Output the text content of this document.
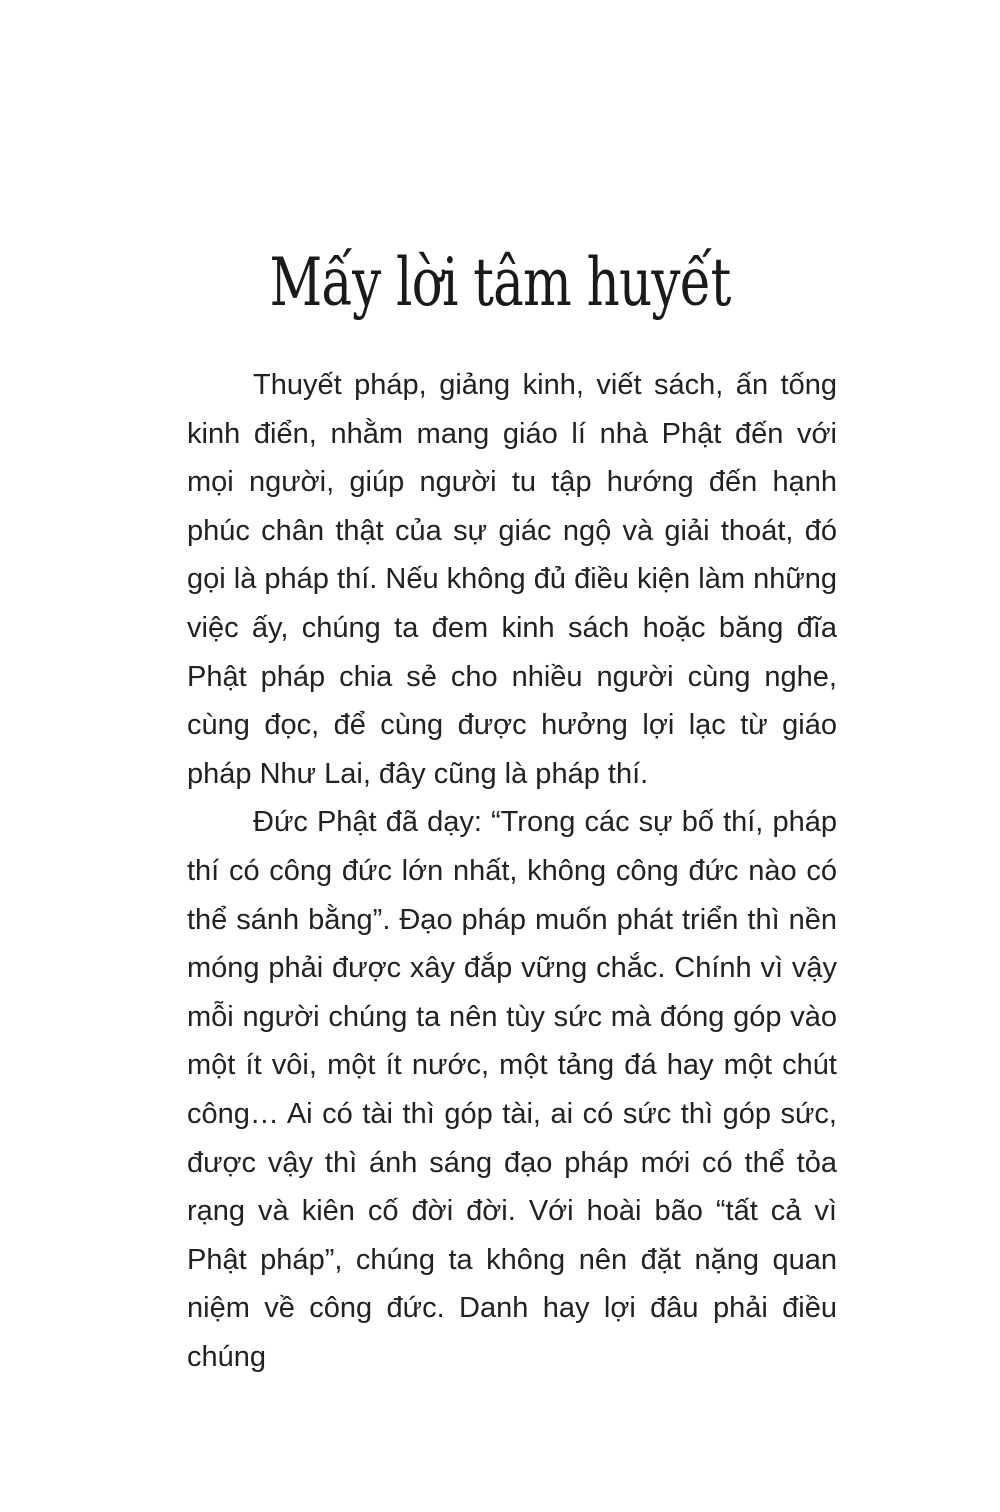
Mấy lời tâm huyết

Thuyết pháp, giảng kinh, viết sách, ấn tống kinh điển, nhằm mang giáo lí nhà Phật đến với mọi người, giúp người tu tập hướng đến hạnh phúc chân thật của sự giác ngộ và giải thoát, đó gọi là pháp thí. Nếu không đủ điều kiện làm những việc ấy, chúng ta đem kinh sách hoặc băng đĩa Phật pháp chia sẻ cho nhiều người cùng nghe, cùng đọc, để cùng được hưởng lợi lạc từ giáo pháp Như Lai, đây cũng là pháp thí.

Đức Phật đã dạy: “Trong các sự bố thí, pháp thí có công đức lớn nhất, không công đức nào có thể sánh bằng”. Đạo pháp muốn phát triển thì nền móng phải được xây đắp vững chắc. Chính vì vậy mỗi người chúng ta nên tùy sức mà đóng góp vào một ít vôi, một ít nước, một tảng đá hay một chút công… Ai có tài thì góp tài, ai có sức thì góp sức, được vậy thì ánh sáng đạo pháp mới có thể tỏa rạng và kiên cố đời đời. Với hoài bão “tất cả vì Phật pháp”, chúng ta không nên đặt nặng quan niệm về công đức. Danh hay lợi đâu phải điều chúng
